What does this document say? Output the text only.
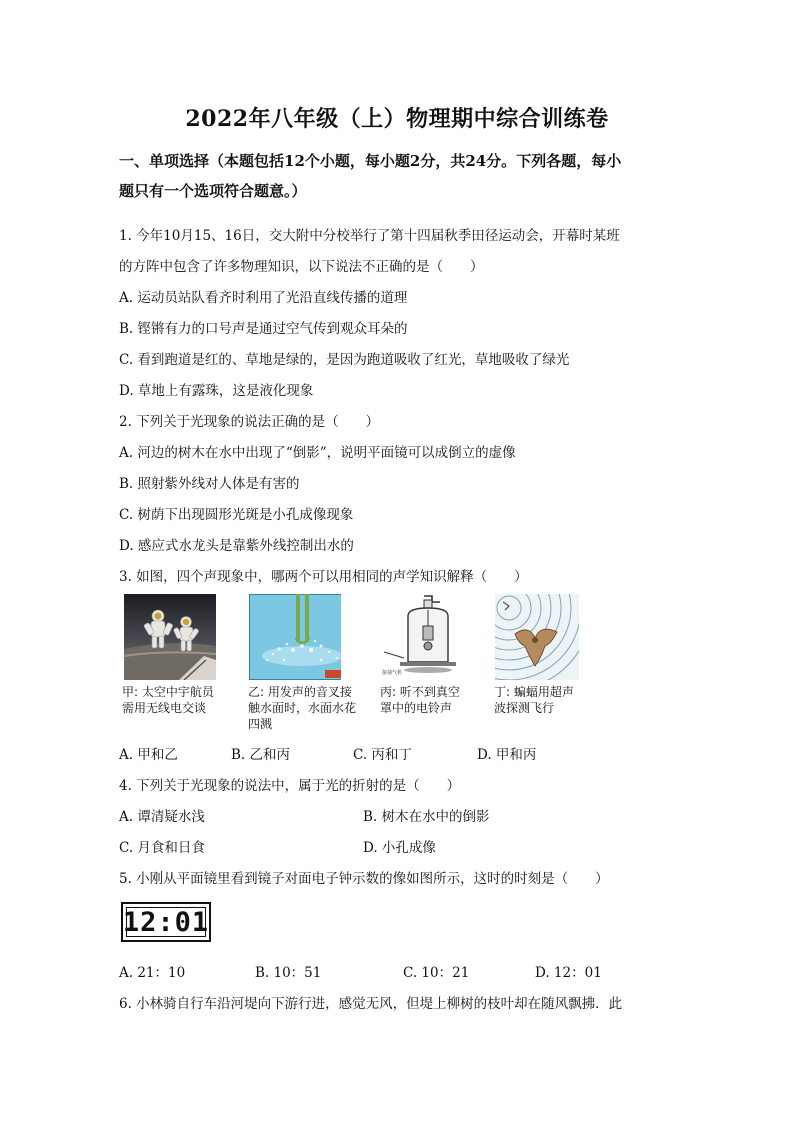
2022年八年级（上）物理期中综合训练卷
一、单项选择（本题包括12个小题，每小题2分，共24分。下列各题，每小
题只有一个选项符合题意。）
1. 今年10月15、16日，交大附中分校举行了第十四届秋季田径运动会，开幕时某班
的方阵中包含了许多物理知识，以下说法不正确的是（　　）
A. 运动员站队看齐时利用了光沿直线传播的道理
B. 铿锵有力的口号声是通过空气传到观众耳朵的
C. 看到跑道是红的、草地是绿的，是因为跑道吸收了红光，草地吸收了绿光
D. 草地上有露珠，这是液化现象
2. 下列关于光现象的说法正确的是（　　）
A. 河边的树木在水中出现了“倒影”，说明平面镜可以成倒立的虚像
B. 照射紫外线对人体是有害的
C. 树荫下出现圆形光斑是小孔成像现象
D. 感应式水龙头是靠紫外线控制出水的
3. 如图，四个声现象中，哪两个可以用相同的声学知识解释（　　）
接抽气机
甲: 太空中宇航员
需用无线电交谈
乙: 用发声的音叉接
触水面时，水面水花
四溅
丙: 听不到真空
罩中的电铃声
丁: 蝙蝠用超声
波探测飞行
A. 甲和乙	B. 乙和丙	C. 丙和丁	D. 甲和丙
4. 下列关于光现象的说法中，属于光的折射的是（　　）
A. 谭清疑水浅	B. 树木在水中的倒影
C. 月食和日食	D. 小孔成像
5. 小刚从平面镜里看到镜子对面电子钟示数的像如图所示，这时的时刻是（　　）
12:01
A. 21：10	B. 10：51	C. 10：21	D. 12：01
6. 小林骑自行车沿河堤向下游行进，感觉无风，但堤上柳树的枝叶却在随风飘拂．此
